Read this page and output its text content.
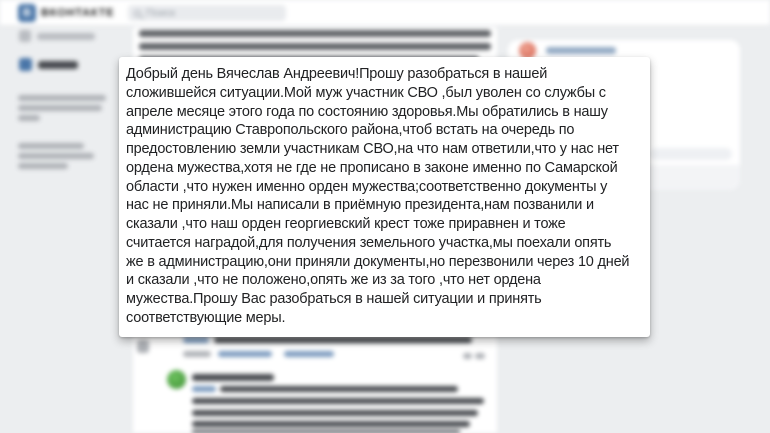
В ВКОНТАКТЕ	Поиск
Добрый день Вячеслав Андреевич!Прошу разобраться в нашей
сложившейся ситуации.Мой муж участник СВО ,был уволен со службы с
апреле месяце этого года по состоянию здоровья.Мы обратились в нашу
администрацию Ставропольского района,чтоб встать на очередь по
предостовлению земли участникам СВО,на что нам ответили,что у нас нет
ордена мужества,хотя не где не прописано в законе именно по Самарской
области ,что нужен именно орден мужества;соответственно документы у
нас не приняли.Мы написали в приёмную президента,нам позванили и
сказали ,что наш орден георгиевский крест тоже приравнен и тоже
считается наградой,для получения земельного участка,мы поехали опять
же в администрацию,они приняли документы,но перезвонили через 10 дней
и сказали ,что не положено,опять же из за того ,что нет ордена
мужества.Прошу Вас разобраться в нашей ситуации и принять
соответствующие меры.
